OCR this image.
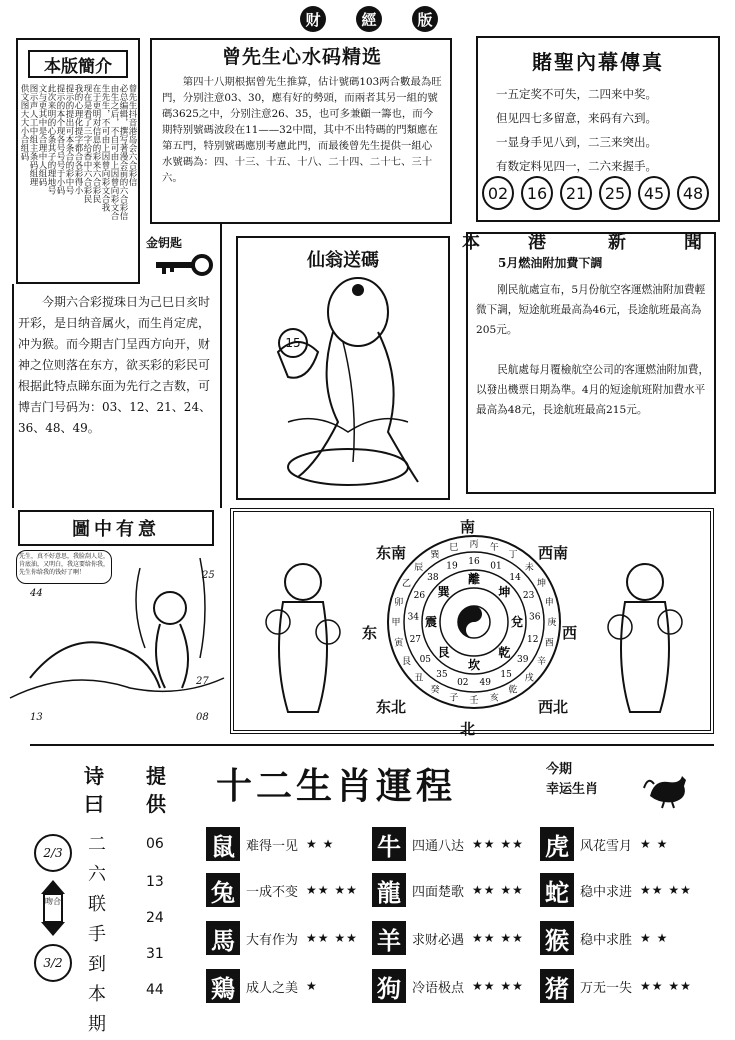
财	經	版
本版簡介
曾先生抖音港岛会六合彩信
必总编辑，撰写著漫会前的六合彩信
由生之后，不自可由上因曾向彩文合
生先生，不可由上因曾向彩文合我
在于更明对信息的彩来六合彩民
现在是看了三字给香中六合彩民
我的心理化提字都合各彩得小
提示的提出可本条合的彩中号
提示的本个现各号号号于小码
此次来明的心条其子的理地号
文与更其中是合理中人组码
图示声人工中组主条码组理
供文图大大小合组码
曾先生心水码精选
第四十八期根据曾先生推算，估计號碼103两合數最為旺門，分别注意03、30，應有好的勢頭，而兩者其另一組的號碼3625之中，分别注意26、35，也可多兼顧一籌也，而今期特别號碼波段在11——32中間，其中不出特碼的門類應在第五門，特别號碼應別考慮此門，而最後曾先生提供一組心水號碼為：四、十三、十五、十八、二十四、二十七、三十六。
賭聖內幕傳真
一五定奖不可失，二四来中奖。
但见四七多留意，来码有六到。
一显身手见八到，二三来突出。
有数定料见四一，二六来握手。
02	16	21	25	45	48
金钥匙
今期六合彩搅珠日为己巳日亥时开彩，是日纳音属火，而生肖定虎，冲为猴。而今期吉门呈西方向开，财神之位则落在东方，欲买彩的彩民可根据此特点睇东面为先行之吉数，可博吉门号码为：03、12、21、24、36、48、49。
仙翁送碼
15
本	港	新	聞
5月燃油附加費下調
刚民航處宣布，5月份航空客運燃油附加費輕微下調，短途航班最高為46元，長途航班最高為205元。
民航處每月覆檢航空公司的客運燃油附加費，以發出機票日期為準。4月的短途航班附加費水平最高為48元，長途航班最高215元。
圖中有意
先生，真不好意思，我脸刮人是，肯底油，又明白，我这要给你我，先生你给我的钱好了啊！
44
25
27
13	08
南
东南	西南
东	西
东北	西北
北
丙 午
丁
未
坤
申
庚
酉
辛
戌
乾
亥
壬
子
癸
丑
艮
寅
甲
卯
乙
辰
巽
巳
16 01
14
23
36
12
39
15
49
02
35
05
27
34
26
38
19
離
坤
兌
乾
坎
艮
震
巽
诗
曰
二
六
联
手
到
本
期
2/3
吻合
3/2
提
供
06
13
24
31
44
十二生肖運程	今期
幸运生肖
鼠 难得一见 ★ ★ 牛 四通八达 ★★ ★★ 虎 风花雪月 ★ ★
兔 一成不变 ★★ ★★ 龍 四面楚歌 ★★ ★★ 蛇 稳中求进 ★★ ★★
馬 大有作为 ★★ ★★ 羊 求财必遇 ★★ ★★ 猴 稳中求胜 ★ ★
鶏 成人之美 ★ 狗 冷语极点 ★★ ★★ 猪 万无一失 ★★ ★★
